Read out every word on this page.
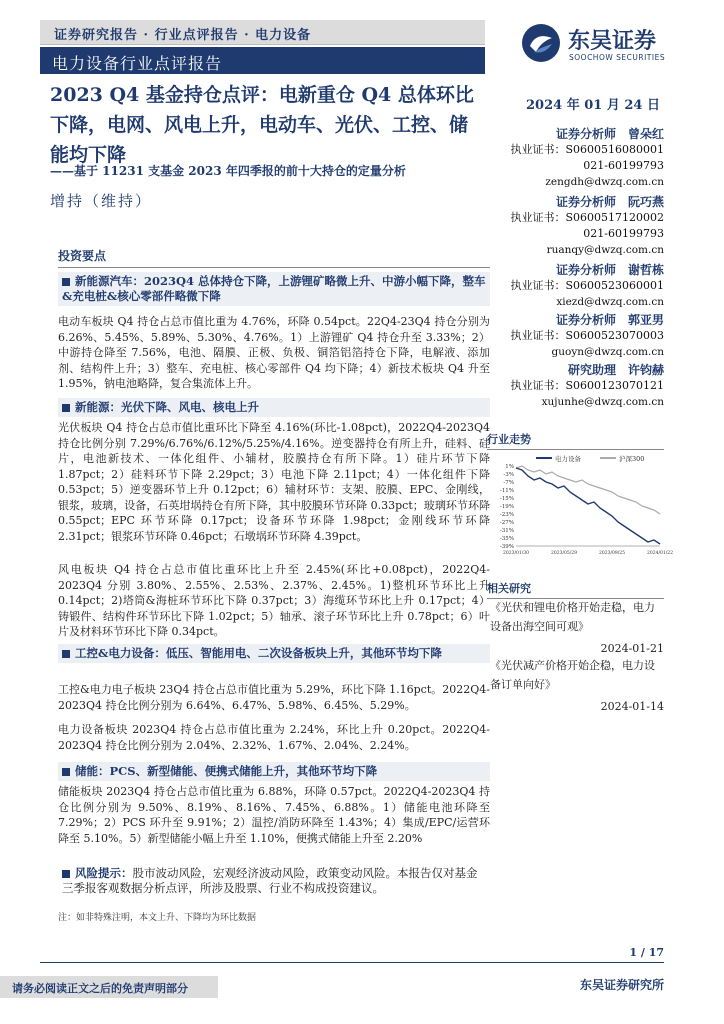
证券研究报告 · 行业点评报告 · 电力设备
电力设备行业点评报告
东吴证券
SOOCHOW SECURITIES
2023 Q4 基金持仓点评：电新重仓 Q4 总体环比下降，电网、风电上升，电动车、光伏、工控、储能均下降
——基于 11231 支基金 2023 年四季报的前十大持仓的定量分析
增持（维持）
2024 年 01 月 24 日
证券分析师　曾朵红
执业证书：S0600516080001
021-60199793
zengdh@dwzq.com.cn
证券分析师　阮巧燕
执业证书：S0600517120002
021-60199793
ruanqy@dwzq.com.cn
证券分析师　谢哲栋
执业证书：S0600523060001
xiezd@dwzq.com.cn
证券分析师　郭亚男
执业证书：S0600523070003
guoyn@dwzq.com.cn
研究助理　许钧赫
执业证书：S0600123070121
xujunhe@dwzq.com.cn
投资要点
新能源汽车：2023Q4 总体持仓下降，上游锂矿略微上升、中游小幅下降，整车&充电桩&核心零部件略微下降
电动车板块 Q4 持仓占总市值比重为 4.76%，环降 0.54pct。22Q4-23Q4 持仓分别为 6.26%、5.45%、5.89%、5.30%、4.76%。1）上游锂矿 Q4 持仓升至 3.33%；2）中游持仓降至 7.56%，电池、隔膜、正极、负极、铜箔铝箔持仓下降，电解液、添加剂、结构件上升；3）整车、充电桩、核心零部件 Q4 均下降；4）新技术板块 Q4 升至 1.95%，钠电池略降，复合集流体上升。
新能源：光伏下降、风电、核电上升
光伏板块 Q4 持仓占总市值比重环比下降至 4.16%(环比-1.08pct)，2022Q4-2023Q4 持仓比例分别 7.29%/6.76%/6.12%/5.25%/4.16%。逆变器持仓有所上升，硅料、硅片，电池新技术、一体化组件、小辅材，胶膜持仓有所下降。1）硅片环节下降 1.87pct；2）硅料环节下降 2.29pct；3）电池下降 2.11pct；4）一体化组件下降 0.53pct；5）逆变器环节上升 0.12pct；6）辅材环节：支架、胶膜、EPC、金刚线，银浆，玻璃，设备，石英坩埚持仓有所下降，其中胶膜环节环降 0.33pct；玻璃环节环降 0.55pct；EPC 环节环降 0.17pct；设备环节环降 1.98pct；金刚线环节环降 2.31pct；银浆环节环降 0.46pct；石墩埚环节环降 4.39pct。
风电板块 Q4 持仓占总市值比重环比上升至 2.45%(环比+0.08pct)，2022Q4-2023Q4 分别 3.80%、2.55%、2.53%、2.37%、2.45%。1)整机环节环比上升 0.14pct；2)塔筒&海桩环节环比下降 0.37pct；3）海缆环节环比上升 0.17pct；4）铸锻件、结构件环节环比下降 1.02pct；5）轴承、滚子环节环比上升 0.78pct；6）叶片及材料环节环比下降 0.34pct。
工控&电力设备：低压、智能用电、二次设备板块上升，其他环节均下降
工控&电力电子板块 23Q4 持仓占总市值比重为 5.29%，环比下降 1.16pct。2022Q4-2023Q4 持仓比例分别为 6.64%、6.47%、5.98%、6.45%、5.29%。
电力设备板块 2023Q4 持仓占总市值比重为 2.24%，环比上升 0.20pct。2022Q4-2023Q4 持仓比例分别为 2.04%、2.32%、1.67%、2.04%、2.24%。
储能：PCS、新型储能、便携式储能上升，其他环节均下降
储能板块 2023Q4 持仓占总市值比重为 6.88%，环降 0.57pct。2022Q4-2023Q4 持仓比例分别为 9.50%、8.19%、8.16%、7.45%、6.88%。1）储能电池环降至 7.29%；2）PCS 环升至 9.91%；2）温控/消防环降至 1.43%；4）集成/EPC/运营环降至 5.10%。5）新型储能小幅上升至 1.10%，便携式储能上升至 2.20%
风险提示：股市波动风险，宏观经济波动风险，政策变动风险。本报告仅对基金三季报客观数据分析点评，所涉及股票、行业不构成投资建议。
注：如非特殊注明，本文上升、下降均为环比数据
行业走势
1%
-3%
-7%
-11%
-15%
-19%
-23%
-27%
-31%
-35%
-39%
2023/01/30	2023/05/29	2023/09/25	2024/01/22
电力设备	沪深300
相关研究
《光伏和锂电价格开始走稳，电力设备出海空间可观》
2024-01-21
《光伏减产价格开始企稳，电力设备订单向好》
2024-01-14
1 / 17
请务必阅读正文之后的免责声明部分	东吴证券研究所
